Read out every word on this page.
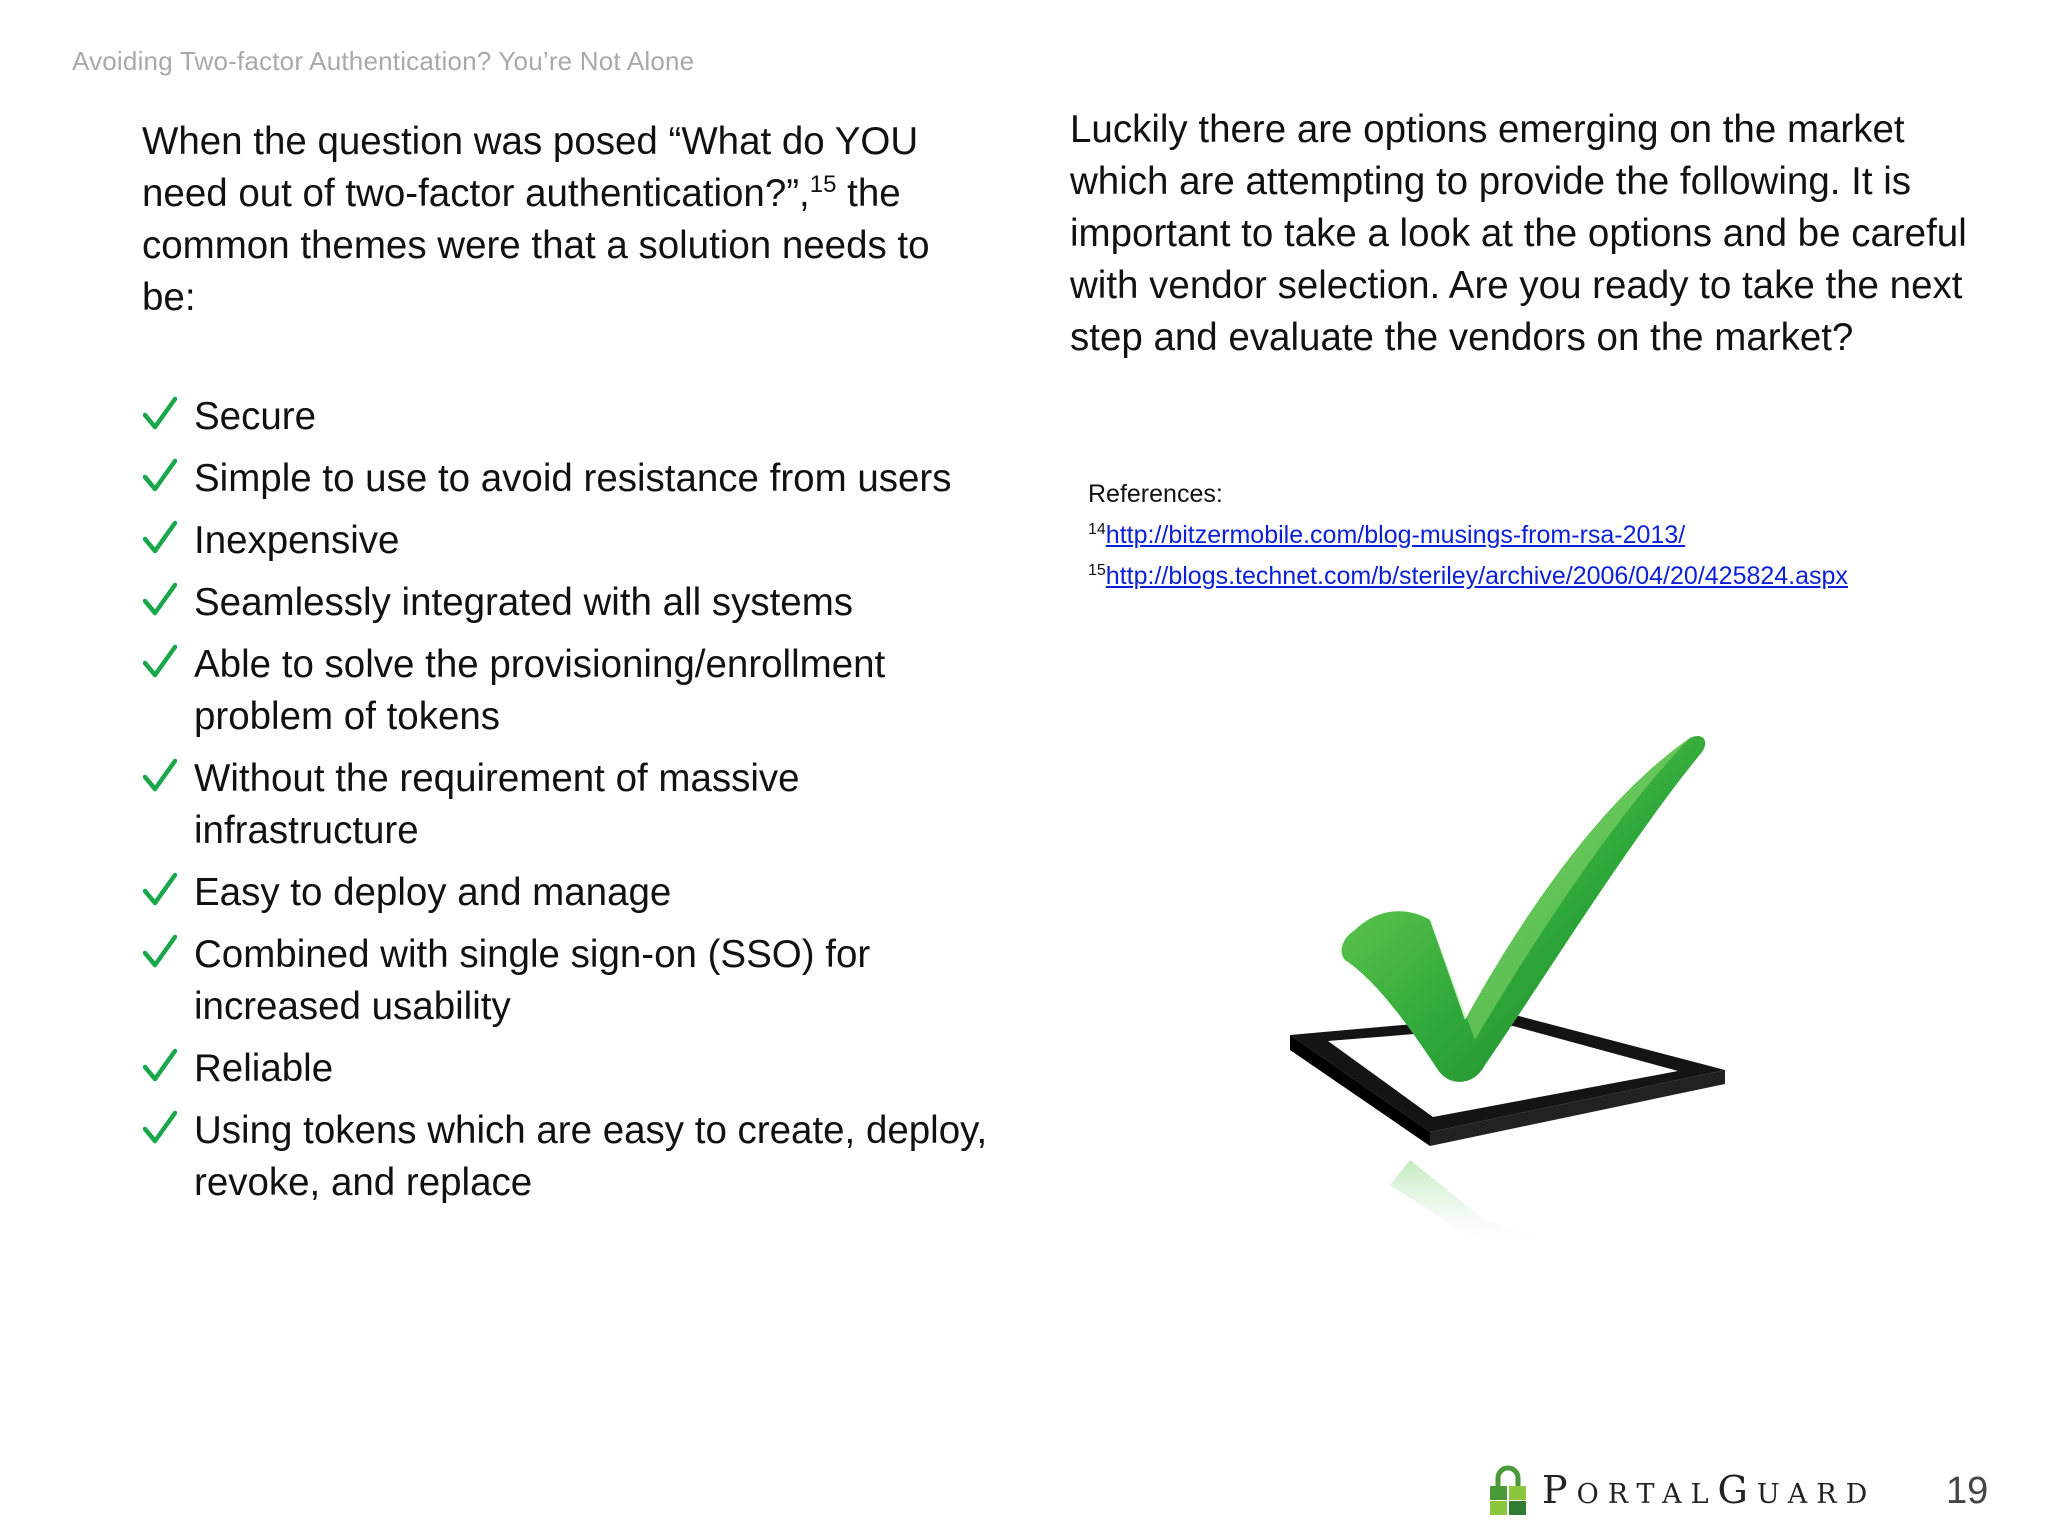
Avoiding Two-factor Authentication? You’re Not Alone

When the question was posed “What do YOU need out of two-factor authentication?”,$^{15}$ the common themes were that a solution needs to be:

Secure
Simple to use to avoid resistance from users
Inexpensive
Seamlessly integrated with all systems
Able to solve the provisioning/enrollment problem of tokens
Without the requirement of massive infrastructure
Easy to deploy and manage
Combined with single sign-on (SSO) for increased usability
Reliable
Using tokens which are easy to create, deploy, revoke, and replace

Luckily there are options emerging on the market which are attempting to provide the following. It is important to take a look at the options and be careful with vendor selection. Are you ready to take the next step and evaluate the vendors on the market?

References:
$^{14}$http://bitzermobile.com/blog-musings-from-rsa-2013/
$^{15}$http://blogs.technet.com/b/steriley/archive/2006/04/20/425824.aspx
PortalGuard 19
